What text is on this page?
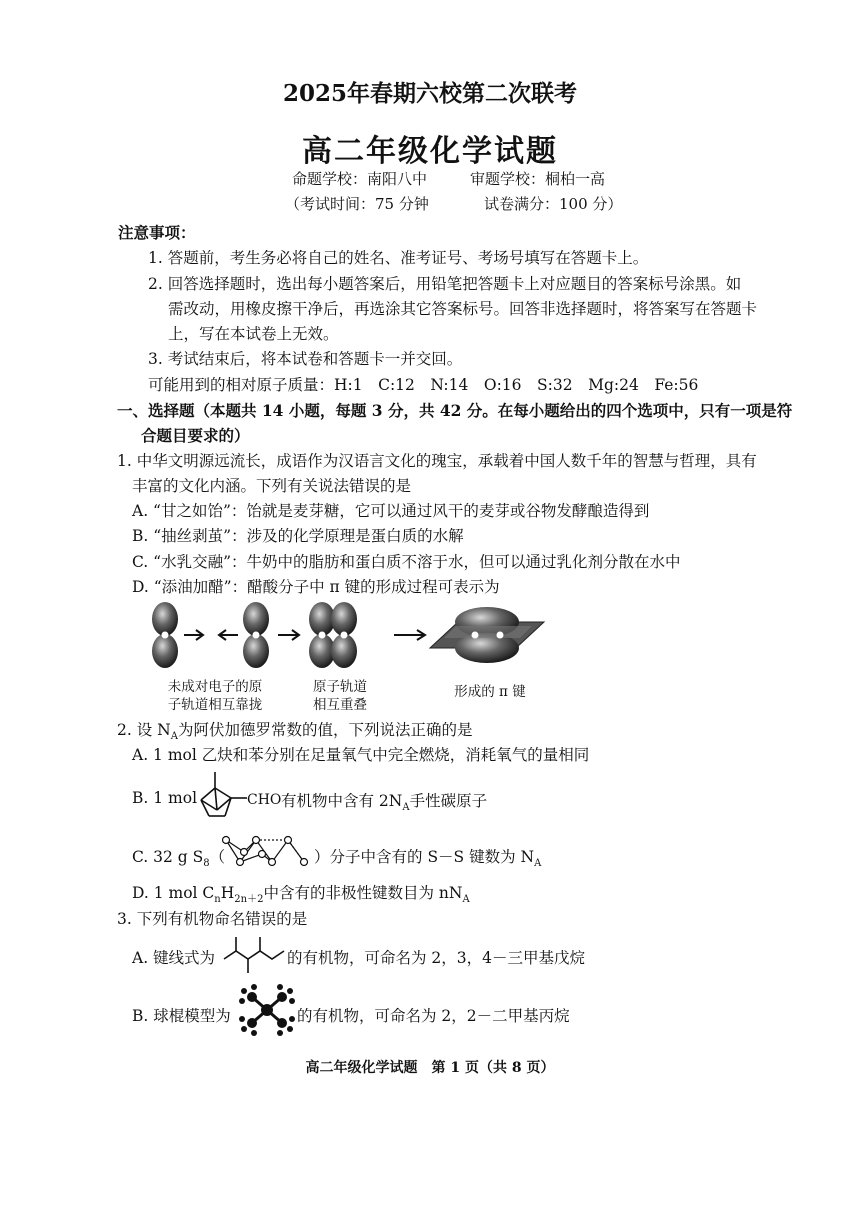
2025年春期六校第二次联考
高二年级化学试题
命题学校：南阳八中	审题学校：桐柏一高
（考试时间：75 分钟	试卷满分：100 分）
注意事项：
1. 答题前，考生务必将自己的姓名、准考证号、考场号填写在答题卡上。
2. 回答选择题时，选出每小题答案后，用铅笔把答题卡上对应题目的答案标号涂黑。如
需改动，用橡皮擦干净后，再选涂其它答案标号。回答非选择题时，将答案写在答题卡
上，写在本试卷上无效。
3. 考试结束后，将本试卷和答题卡一并交回。
可能用到的相对原子质量：H:1　C:12　N:14　O:16　S:32　Mg:24　Fe:56
一、选择题（本题共 14 小题，每题 3 分，共 42 分。在每小题给出的四个选项中，只有一项是符
合题目要求的）
1. 中华文明源远流长，成语作为汉语言文化的瑰宝，承载着中国人数千年的智慧与哲理，具有
丰富的文化内涵。下列有关说法错误的是
A. “甘之如饴”：饴就是麦芽糖，它可以通过风干的麦芽或谷物发酵酿造得到
B. “抽丝剥茧”：涉及的化学原理是蛋白质的水解
C. “水乳交融”：牛奶中的脂肪和蛋白质不溶于水，但可以通过乳化剂分散在水中
D. “添油加醋”：醋酸分子中 π 键的形成过程可表示为
未成对电子的原
子轨道相互靠拢
原子轨道
相互重叠
形成的 π 键
2. 设 $N_A$为阿伏加德罗常数的值，下列说法正确的是
A. 1 mol 乙炔和苯分别在足量氧气中完全燃烧，消耗氧气的量相同
B. 1 mol	CHO 有机物中含有 $2N_A$手性碳原子
C. 32 g $S_8$（	）分子中含有的 S－S 键数为 $N_A$
D. 1 mol $C_nH_{2n+2}$中含有的非极性键数目为 $nN_A$
3. 下列有机物命名错误的是
A. 键线式为	的有机物，可命名为 2，3，4－三甲基戊烷
B. 球棍模型为	的有机物，可命名为 2，2－二甲基丙烷
高二年级化学试题　第 1 页（共 8 页）
